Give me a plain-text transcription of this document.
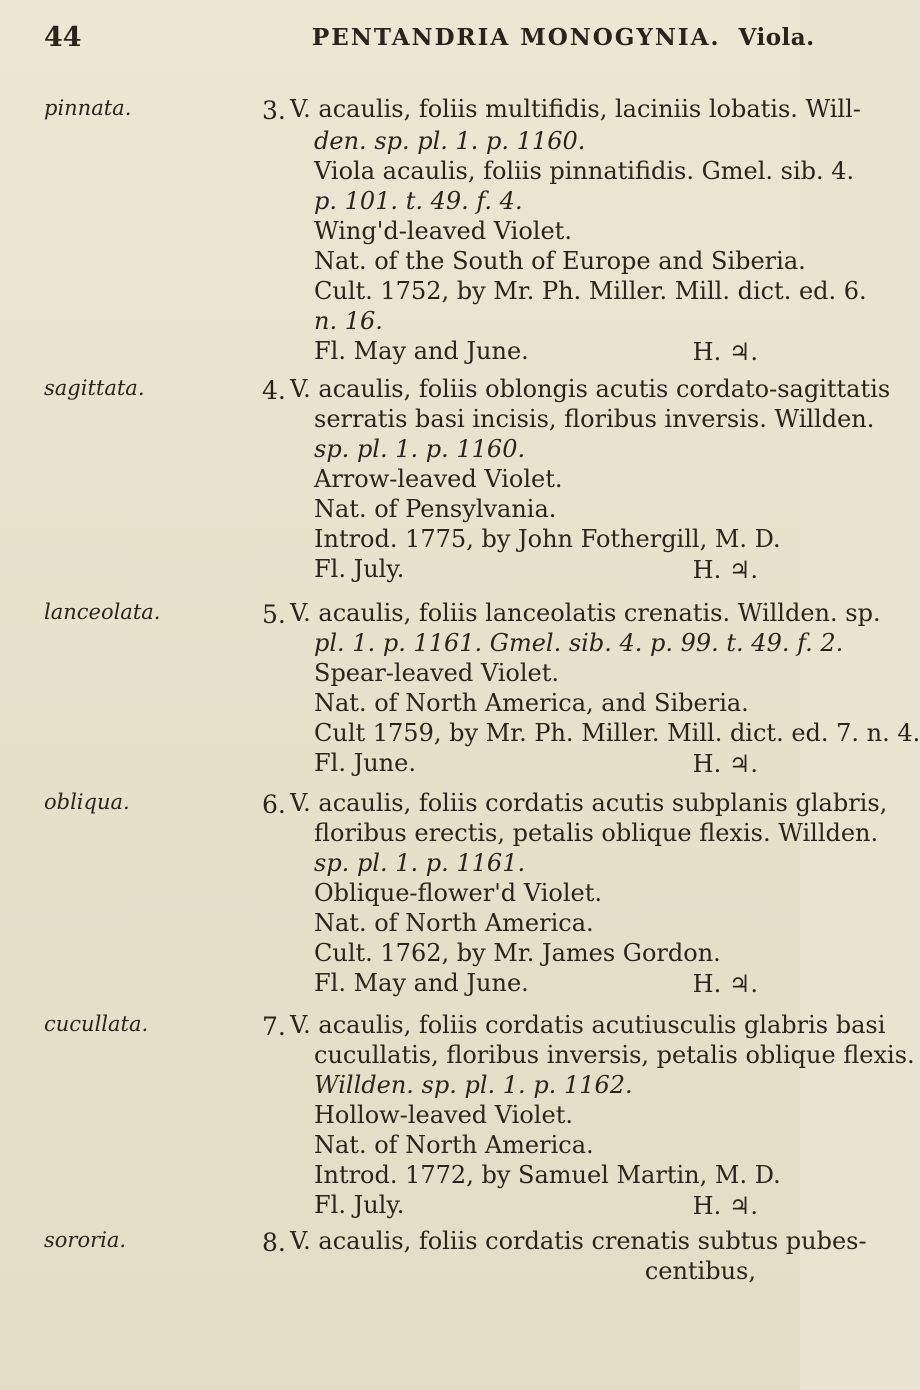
44	PENTANDRIA MONOGYNIA. Viola.
pinnata.	3. V. acaulis, foliis multifidis, laciniis lobatis. Will-
den. sp. pl. 1. p. 1160.
Viola acaulis, foliis pinnatifidis. Gmel. sib. 4.
p. 101. t. 49. f. 4.
Wing'd-leaved Violet.
Nat. of the South of Europe and Siberia.
Cult. 1752, by Mr. Ph. Miller. Mill. dict. ed. 6.
n. 16.
Fl. May and June.	H. ♃.
sagittata.	4. V. acaulis, foliis oblongis acutis cordato-sagittatis
serratis basi incisis, floribus inversis. Willden.
sp. pl. 1. p. 1160.
Arrow-leaved Violet.
Nat. of Pensylvania.
Introd. 1775, by John Fothergill, M. D.
Fl. July.	H. ♃.
lanceolata.	5. V. acaulis, foliis lanceolatis crenatis. Willden. sp.
pl. 1. p. 1161. Gmel. sib. 4. p. 99. t. 49. f. 2.
Spear-leaved Violet.
Nat. of North America, and Siberia.
Cult 1759, by Mr. Ph. Miller. Mill. dict. ed. 7. n. 4.
Fl. June.	H. ♃.
obliqua.	6. V. acaulis, foliis cordatis acutis subplanis glabris,
floribus erectis, petalis oblique flexis. Willden.
sp. pl. 1. p. 1161.
Oblique-flower'd Violet.
Nat. of North America.
Cult. 1762, by Mr. James Gordon.
Fl. May and June.	H. ♃.
cucullata.	7. V. acaulis, foliis cordatis acutiusculis glabris basi
cucullatis, floribus inversis, petalis oblique flexis.
Willden. sp. pl. 1. p. 1162.
Hollow-leaved Violet.
Nat. of North America.
Introd. 1772, by Samuel Martin, M. D.
Fl. July.	H. ♃.
sororia.	8. V. acaulis, foliis cordatis crenatis subtus pubes-
centibus,
